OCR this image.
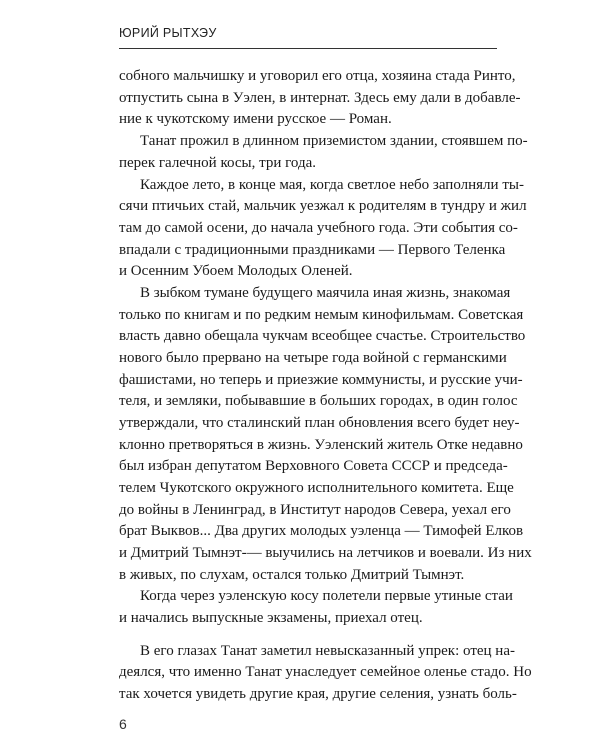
ЮРИЙ РЫТХЭУ
собного мальчишку и уговорил его отца, хозяина стада Ринто,
отпустить сына в Уэлен, в интернат. Здесь ему дали в добавле-
ние к чукотскому имени русское — Роман.
Танат прожил в длинном приземистом здании, стоявшем по-
перек галечной косы, три года.
Каждое лето, в конце мая, когда светлое небо заполняли ты-
сячи птичьих стай, мальчик уезжал к родителям в тундру и жил
там до самой осени, до начала учебного года. Эти события со-
впадали с традиционными праздниками — Первого Теленка
и Осенним Убоем Молодых Оленей.
В зыбком тумане будущего маячила иная жизнь, знакомая
только по книгам и по редким немым кинофильмам. Советская
власть давно обещала чукчам всеобщее счастье. Строительство
нового было прервано на четыре года войной с германскими
фашистами, но теперь и приезжие коммунисты, и русские учи-
теля, и земляки, побывавшие в больших городах, в один голос
утверждали, что сталинский план обновления всего будет неу-
клонно претворяться в жизнь. Уэленский житель Отке недавно
был избран депутатом Верховного Совета СССР и председа-
телем Чукотского окружного исполнительного комитета. Еще
до войны в Ленинград, в Институт народов Севера, уехал его
брат Выквов... Два других молодых уэленца — Тимофей Елков
и Дмитрий Тымнэт-— выучились на летчиков и воевали. Из них
в живых, по слухам, остался только Дмитрий Тымнэт.
Когда через уэленскую косу полетели первые утиные стаи
и начались выпускные экзамены, приехал отец.
В его глазах Танат заметил невысказанный упрек: отец на-
деялся, что именно Танат унаследует семейное оленье стадо. Но
так хочется увидеть другие края, другие селения, узнать боль-
6
